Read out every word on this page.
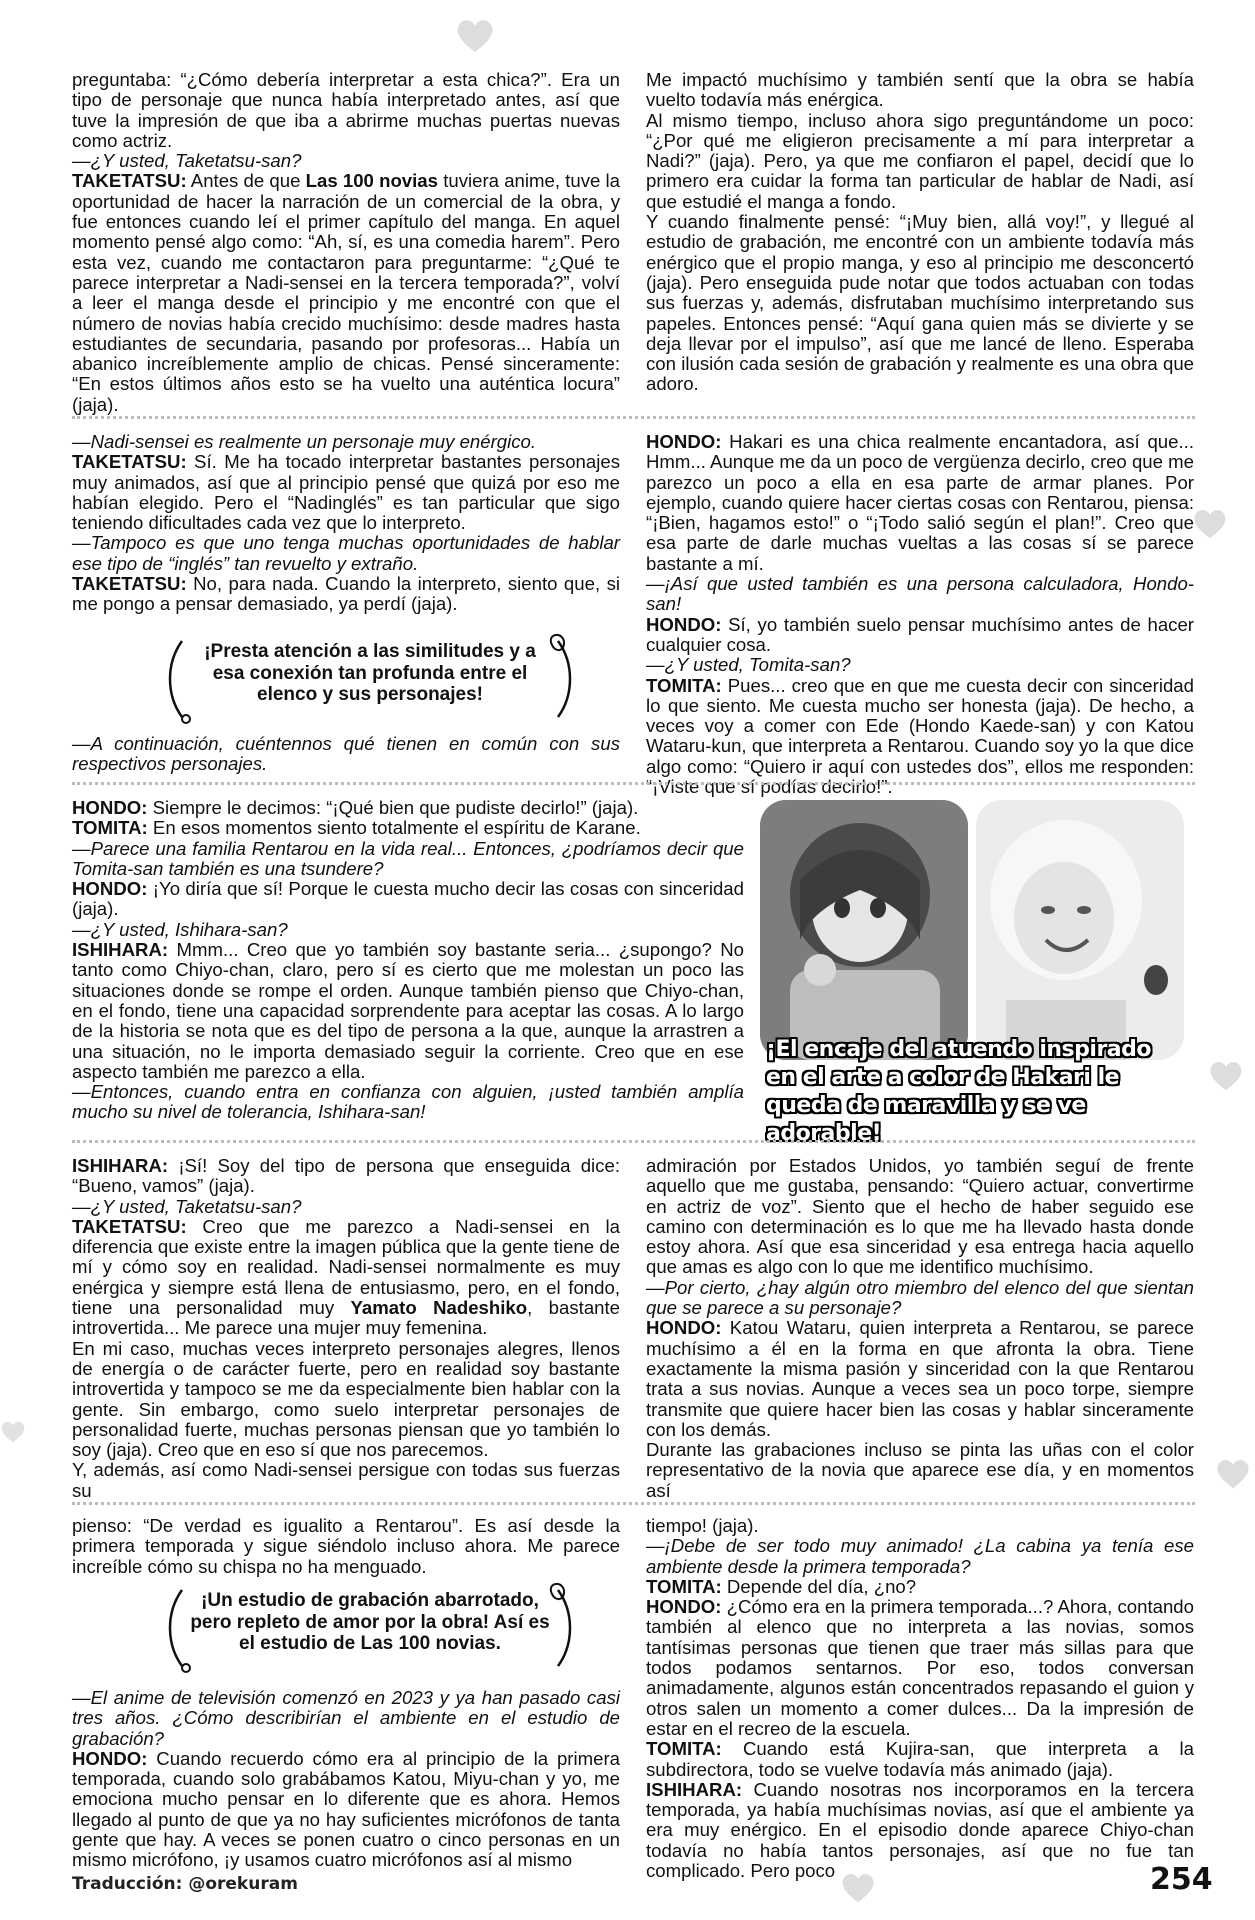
preguntaba: “¿Cómo debería interpretar a esta chica?”. Era un tipo de personaje que nunca había interpretado antes, así que tuve la impresión de que iba a abrirme muchas puertas nuevas como actriz.

—¿Y usted, Taketatsu-san?

TAKETATSU: Antes de que Las 100 novias tuviera anime, tuve la oportunidad de hacer la narración de un comercial de la obra, y fue entonces cuando leí el primer capítulo del manga. En aquel momento pensé algo como: “Ah, sí, es una comedia harem”. Pero esta vez, cuando me contactaron para preguntarme: “¿Qué te parece interpretar a Nadi-sensei en la tercera temporada?”, volví a leer el manga desde el principio y me encontré con que el número de novias había crecido muchísimo: desde madres hasta estudiantes de secundaria, pasando por profesoras... Había un abanico increíblemente amplio de chicas. Pensé sinceramente: “En estos últimos años esto se ha vuelto una auténtica locura” (jaja).

Me impactó muchísimo y también sentí que la obra se había vuelto todavía más enérgica.

Al mismo tiempo, incluso ahora sigo preguntándome un poco: “¿Por qué me eligieron precisamente a mí para interpretar a Nadi?” (jaja). Pero, ya que me confiaron el papel, decidí que lo primero era cuidar la forma tan particular de hablar de Nadi, así que estudié el manga a fondo.

Y cuando finalmente pensé: “¡Muy bien, allá voy!”, y llegué al estudio de grabación, me encontré con un ambiente todavía más enérgico que el propio manga, y eso al principio me desconcertó (jaja). Pero enseguida pude notar que todos actuaban con todas sus fuerzas y, además, disfrutaban muchísimo interpretando sus papeles. Entonces pensé: “Aquí gana quien más se divierte y se deja llevar por el impulso”, así que me lancé de lleno. Esperaba con ilusión cada sesión de grabación y realmente es una obra que adoro.

—Nadi-sensei es realmente un personaje muy enérgico.

TAKETATSU: Sí. Me ha tocado interpretar bastantes personajes muy animados, así que al principio pensé que quizá por eso me habían elegido. Pero el “Nadinglés” es tan particular que sigo teniendo dificultades cada vez que lo interpreto.

—Tampoco es que uno tenga muchas oportunidades de hablar ese tipo de “inglés” tan revuelto y extraño.

TAKETATSU: No, para nada. Cuando la interpreto, siento que, si me pongo a pensar demasiado, ya perdí (jaja).

HONDO: Hakari es una chica realmente encantadora, así que... Hmm... Aunque me da un poco de vergüenza decirlo, creo que me parezco un poco a ella en esa parte de armar planes. Por ejemplo, cuando quiere hacer ciertas cosas con Rentarou, piensa: “¡Bien, hagamos esto!” o “¡Todo salió según el plan!”. Creo que esa parte de darle muchas vueltas a las cosas sí se parece bastante a mí.

—¡Así que usted también es una persona calculadora, Hondo-san!

HONDO: Sí, yo también suelo pensar muchísimo antes de hacer cualquier cosa.

—¿Y usted, Tomita-san?

TOMITA: Pues... creo que en que me cuesta decir con sinceridad lo que siento. Me cuesta mucho ser honesta (jaja). De hecho, a veces voy a comer con Ede (Hondo Kaede-san) y con Katou Wataru-kun, que interpreta a Rentarou. Cuando soy yo la que dice algo como: “Quiero ir aquí con ustedes dos”, ellos me responden: “¡Viste que sí podías decirlo!”.

¡Presta atención a las similitudes y a esa conexión tan profunda entre el elenco y sus personajes!

—A continuación, cuéntennos qué tienen en común con sus respectivos personajes.

HONDO: Siempre le decimos: “¡Qué bien que pudiste decirlo!” (jaja).

TOMITA: En esos momentos siento totalmente el espíritu de Karane.

—Parece una familia Rentarou en la vida real... Entonces, ¿podríamos decir que Tomita-san también es una tsundere?

HONDO: ¡Yo diría que sí! Porque le cuesta mucho decir las cosas con sinceridad (jaja).

—¿Y usted, Ishihara-san?

ISHIHARA: Mmm... Creo que yo también soy bastante seria... ¿supongo? No tanto como Chiyo-chan, claro, pero sí es cierto que me molestan un poco las situaciones donde se rompe el orden. Aunque también pienso que Chiyo-chan, en el fondo, tiene una capacidad sorprendente para aceptar las cosas. A lo largo de la historia se nota que es del tipo de persona a la que, aunque la arrastren a una situación, no le importa demasiado seguir la corriente. Creo que en ese aspecto también me parezco a ella.

—Entonces, cuando entra en confianza con alguien, ¡usted también amplía mucho su nivel de tolerancia, Ishihara-san!

¡El encaje del atuendo inspirado en el arte a color de Hakari le queda de maravilla y se ve adorable!

ISHIHARA: ¡Sí! Soy del tipo de persona que enseguida dice: “Bueno, vamos” (jaja).

—¿Y usted, Taketatsu-san?

TAKETATSU: Creo que me parezco a Nadi-sensei en la diferencia que existe entre la imagen pública que la gente tiene de mí y cómo soy en realidad. Nadi-sensei normalmente es muy enérgica y siempre está llena de entusiasmo, pero, en el fondo, tiene una personalidad muy Yamato Nadeshiko, bastante introvertida... Me parece una mujer muy femenina.

En mi caso, muchas veces interpreto personajes alegres, llenos de energía o de carácter fuerte, pero en realidad soy bastante introvertida y tampoco se me da especialmente bien hablar con la gente. Sin embargo, como suelo interpretar personajes de personalidad fuerte, muchas personas piensan que yo también lo soy (jaja). Creo que en eso sí que nos parecemos.

Y, además, así como Nadi-sensei persigue con todas sus fuerzas su

admiración por Estados Unidos, yo también seguí de frente aquello que me gustaba, pensando: “Quiero actuar, convertirme en actriz de voz”. Siento que el hecho de haber seguido ese camino con determinación es lo que me ha llevado hasta donde estoy ahora. Así que esa sinceridad y esa entrega hacia aquello que amas es algo con lo que me identifico muchísimo.

—Por cierto, ¿hay algún otro miembro del elenco del que sientan que se parece a su personaje?

HONDO: Katou Wataru, quien interpreta a Rentarou, se parece muchísimo a él en la forma en que afronta la obra. Tiene exactamente la misma pasión y sinceridad con la que Rentarou trata a sus novias. Aunque a veces sea un poco torpe, siempre transmite que quiere hacer bien las cosas y hablar sinceramente con los demás.

Durante las grabaciones incluso se pinta las uñas con el color representativo de la novia que aparece ese día, y en momentos así

pienso: “De verdad es igualito a Rentarou”. Es así desde la primera temporada y sigue siéndolo incluso ahora. Me parece increíble cómo su chispa no ha menguado.

¡Un estudio de grabación abarrotado, pero repleto de amor por la obra! Así es el estudio de Las 100 novias.

—El anime de televisión comenzó en 2023 y ya han pasado casi tres años. ¿Cómo describirían el ambiente en el estudio de grabación?

HONDO: Cuando recuerdo cómo era al principio de la primera temporada, cuando solo grabábamos Katou, Miyu-chan y yo, me emociona mucho pensar en lo diferente que es ahora. Hemos llegado al punto de que ya no hay suficientes micrófonos de tanta gente que hay. A veces se ponen cuatro o cinco personas en un mismo micrófono, ¡y usamos cuatro micrófonos así al mismo

tiempo! (jaja).

—¡Debe de ser todo muy animado! ¿La cabina ya tenía ese ambiente desde la primera temporada?

TOMITA: Depende del día, ¿no?

HONDO: ¿Cómo era en la primera temporada...? Ahora, contando también al elenco que no interpreta a las novias, somos tantísimas personas que tienen que traer más sillas para que todos podamos sentarnos. Por eso, todos conversan animadamente, algunos están concentrados repasando el guion y otros salen un momento a comer dulces... Da la impresión de estar en el recreo de la escuela.

TOMITA: Cuando está Kujira-san, que interpreta a la subdirectora, todo se vuelve todavía más animado (jaja).

ISHIHARA: Cuando nosotras nos incorporamos en la tercera temporada, ya había muchísimas novias, así que el ambiente ya era muy enérgico. En el episodio donde aparece Chiyo-chan todavía no había tantos personajes, así que no fue tan complicado. Pero poco

Traducción: @orekuram	254
